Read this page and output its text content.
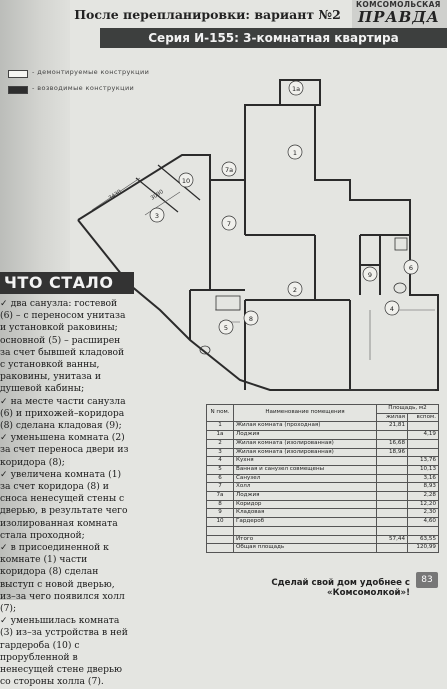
После перепланировки: вариант №2
КОМСОМОЛЬСКАЯ
ПРАВДА
Серия И-155: 3-комнатная квартира
- демонтируемые конструкции
- возводимые конструкции
1
1а
2
3
4
5
6
7
7а
8
9
10
3430	3090
ЧТО СТАЛО

✓ два санузла: гостевой (6) – с переносом унитаза и установкой раковины; основной (5) – расширен за счет бывшей кладовой с установкой ванны, раковины, унитаза и душевой кабины;

✓ на месте части санузла (6) и прихожей–коридора (8) сделана кладовая (9);

✓ уменьшена комната (2) за счет переноса двери из коридора (8);

✓ увеличена комната (1) за счет коридора (8) и сноса ненесущей стены с дверью, в результате чего изолированная комната стала проходной;

✓ в присоединенной к комнате (1) части коридора (8) сделан выступ с новой дверью, из–за чего появился холл (7);

✓ уменьшилась комната (3) из–за устройства в ней гардероба (10) с прорубленной в ненесущей стене дверью со стороны холла (7).

N пом.	Наименование помещения	Площадь, м2	
		жилая	вспом.
1	Жилая комната (проходная)	21,81	
1а	Лоджия		4,19
2	Жилая комната (изолированная)	16,68	
3	Жилая комната (изолированная)	18,96	
4	Кухня		13,76
5	Ванная и санузел совмещены		10,13
6	Санузел		3,16
7	Холл		8,93
7а	Лоджия		2,28
8	Коридор		12,20
9	Кладовая		2,30
10	Гардероб		4,60

	Итого	57,44	63,55
	Общая площадь		120,99
Сделай свой дом удобнее с «Комсомолкой»!
83
